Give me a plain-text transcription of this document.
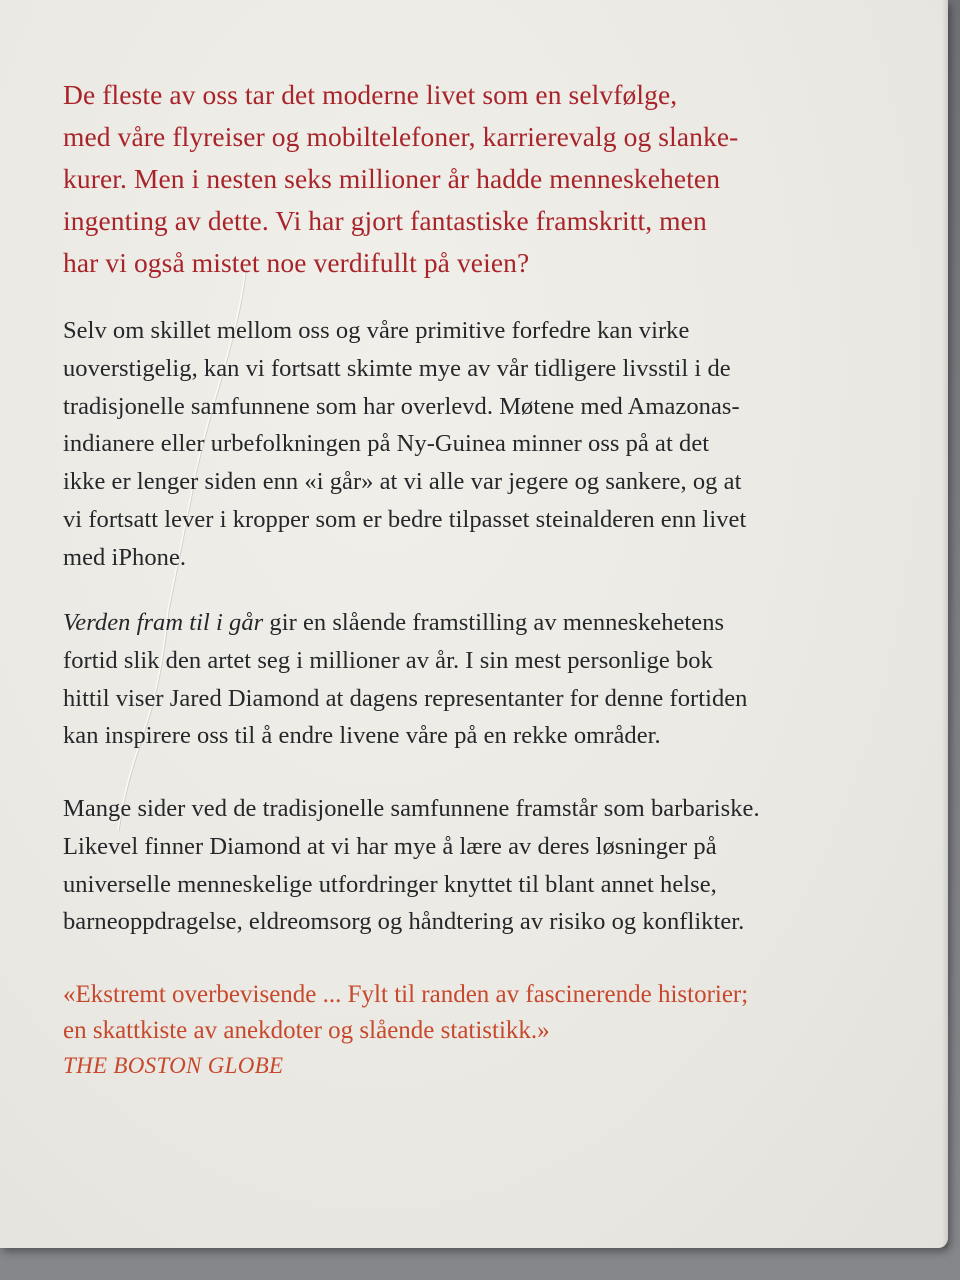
De fleste av oss tar det moderne livet som en selvfølge,
med våre flyreiser og mobiltelefoner, karrierevalg og slanke-
kurer. Men i nesten seks millioner år hadde menneskeheten
ingenting av dette. Vi har gjort fantastiske framskritt, men
har vi også mistet noe verdifullt på veien?

Selv om skillet mellom oss og våre primitive forfedre kan virke
uoverstigelig, kan vi fortsatt skimte mye av vår tidligere livsstil i de
tradisjonelle samfunnene som har overlevd. Møtene med Amazonas-
indianere eller urbefolkningen på Ny-Guinea minner oss på at det
ikke er lenger siden enn «i går» at vi alle var jegere og sankere, og at
vi fortsatt lever i kropper som er bedre tilpasset steinalderen enn livet
med iPhone.

Verden fram til i går gir en slående framstilling av menneskehetens
fortid slik den artet seg i millioner av år. I sin mest personlige bok
hittil viser Jared Diamond at dagens representanter for denne fortiden
kan inspirere oss til å endre livene våre på en rekke områder.

Mange sider ved de tradisjonelle samfunnene framstår som barbariske.
Likevel finner Diamond at vi har mye å lære av deres løsninger på
universelle menneskelige utfordringer knyttet til blant annet helse,
barneoppdragelse, eldreomsorg og håndtering av risiko og konflikter.

«Ekstremt overbevisende ... Fylt til randen av fascinerende historier;
en skattkiste av anekdoter og slående statistikk.»
THE BOSTON GLOBE
